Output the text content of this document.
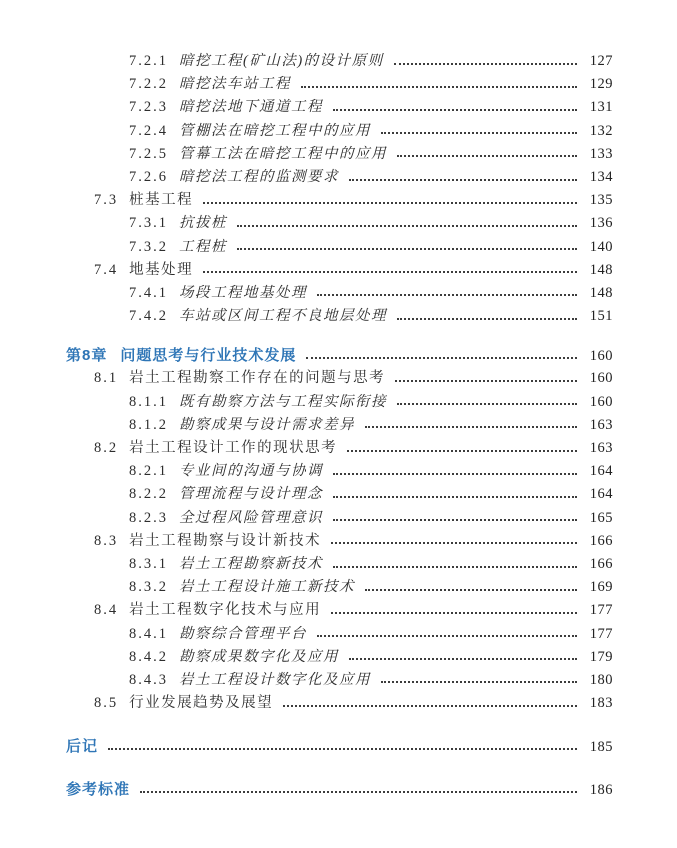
7.2.1 暗挖工程(矿山法)的设计原则	127
7.2.2 暗挖法车站工程	129
7.2.3 暗挖法地下通道工程	131
7.2.4 管棚法在暗挖工程中的应用	132
7.2.5 管幕工法在暗挖工程中的应用	133
7.2.6 暗挖法工程的监测要求	134
7.3 桩基工程	135
7.3.1 抗拔桩	136
7.3.2 工程桩	140
7.4 地基处理	148
7.4.1 场段工程地基处理	148
7.4.2 车站或区间工程不良地层处理	151
第8章 问题思考与行业技术发展	160
8.1 岩土工程勘察工作存在的问题与思考	160
8.1.1 既有勘察方法与工程实际衔接	160
8.1.2 勘察成果与设计需求差异	163
8.2 岩土工程设计工作的现状思考	163
8.2.1 专业间的沟通与协调	164
8.2.2 管理流程与设计理念	164
8.2.3 全过程风险管理意识	165
8.3 岩土工程勘察与设计新技术	166
8.3.1 岩土工程勘察新技术	166
8.3.2 岩土工程设计施工新技术	169
8.4 岩土工程数字化技术与应用	177
8.4.1 勘察综合管理平台	177
8.4.2 勘察成果数字化及应用	179
8.4.3 岩土工程设计数字化及应用	180
8.5 行业发展趋势及展望	183
后记	185
参考标准	186
